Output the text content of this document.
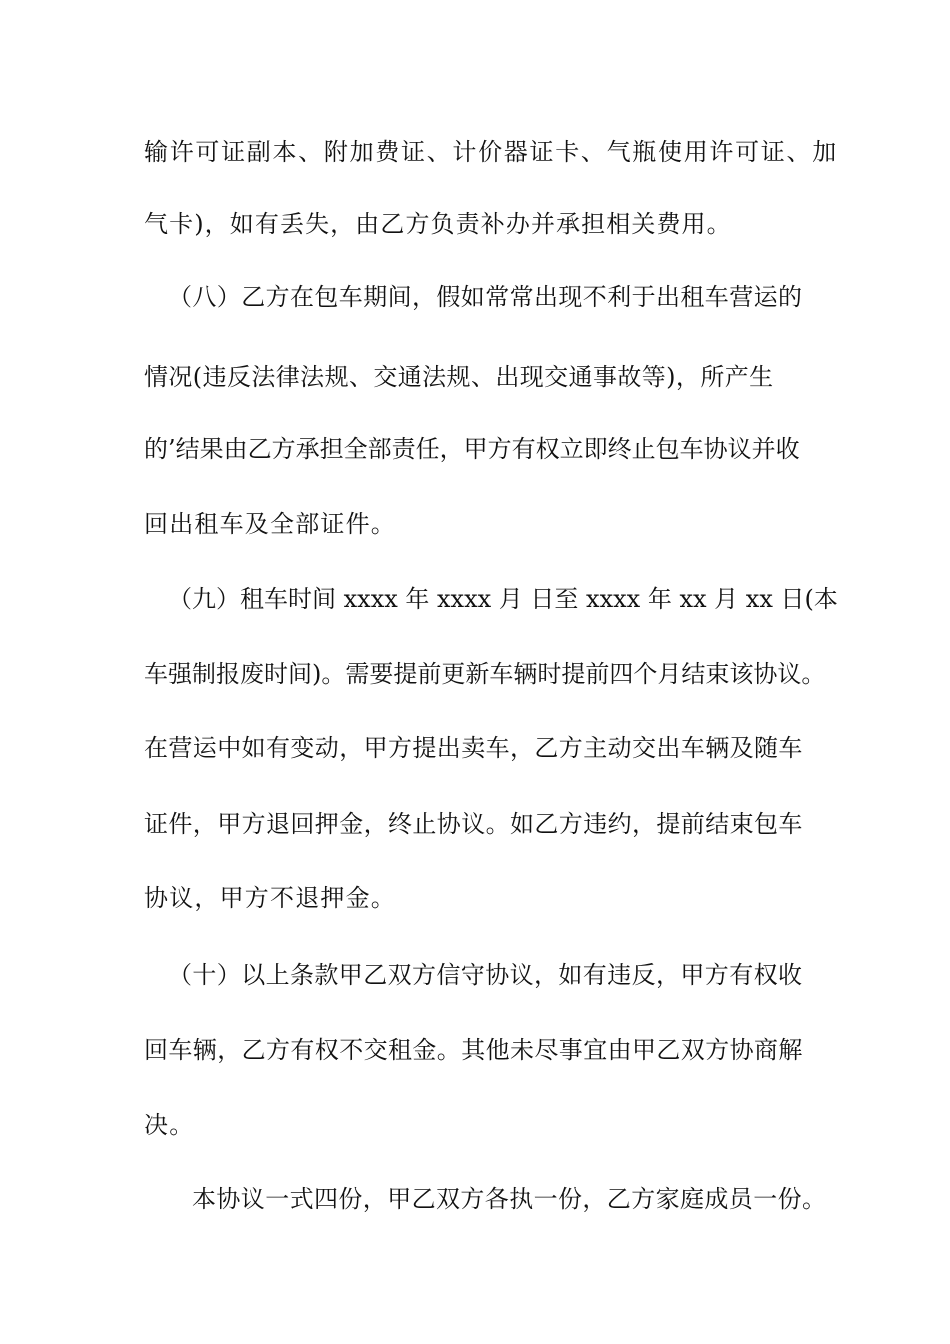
输许可证副本、附加费证、计价器证卡、气瓶使用许可证、加
气卡)，如有丢失，由乙方负责补办并承担相关费用。
（八）乙方在包车期间，假如常常出现不利于出租车营运的
情况(违反法律法规、交通法规、出现交通事故等)，所产生
的’结果由乙方承担全部责任，甲方有权立即终止包车协议并收
回出租车及全部证件。
（九）租车时间 xxxx 年 xxxx 月 日至 xxxx 年 xx 月 xx 日(本
车强制报废时间)。需要提前更新车辆时提前四个月结束该协议。
在营运中如有变动，甲方提出卖车，乙方主动交出车辆及随车
证件，甲方退回押金，终止协议。如乙方违约，提前结束包车
协议，甲方不退押金。
（十）以上条款甲乙双方信守协议，如有违反，甲方有权收
回车辆，乙方有权不交租金。其他未尽事宜由甲乙双方协商解
决。
本协议一式四份，甲乙双方各执一份，乙方家庭成员一份。
